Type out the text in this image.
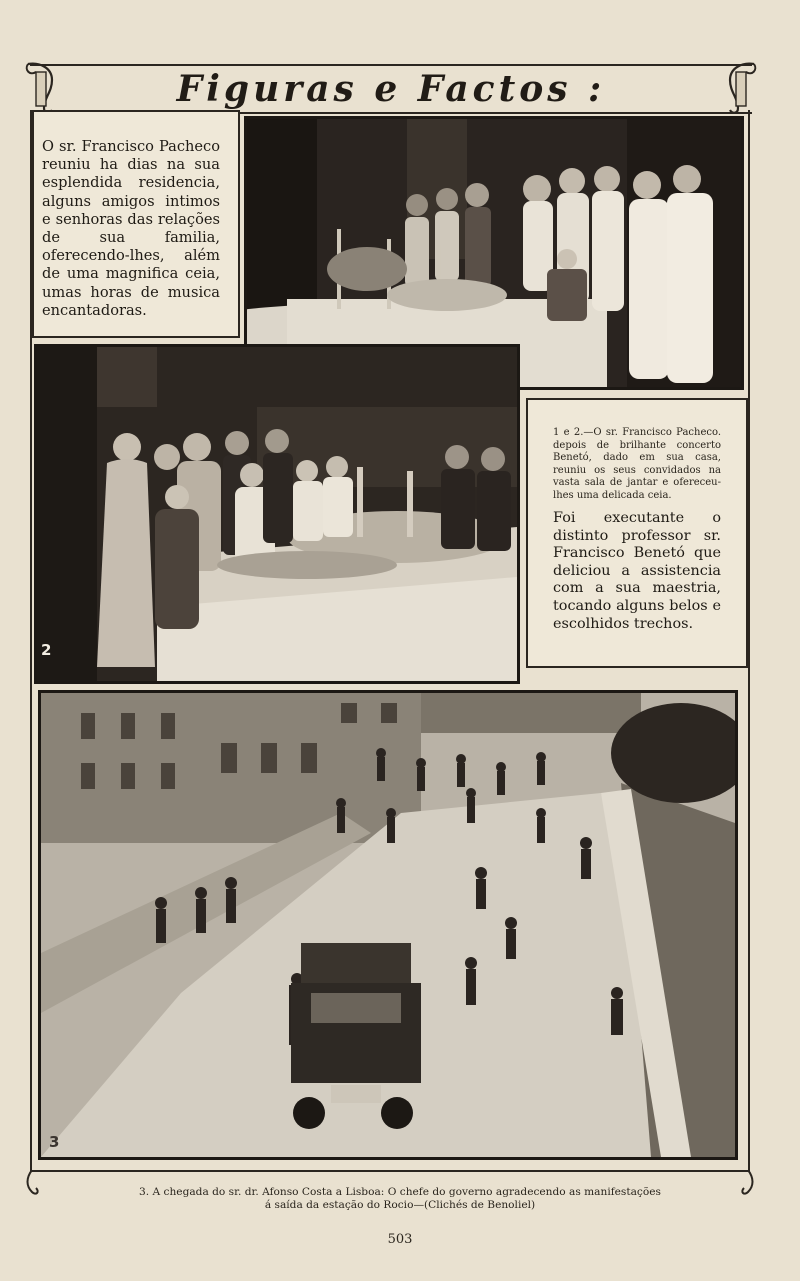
Figuras e Factos :
O sr. Francisco Pacheco reuniu ha dias na sua esplendida residencia, alguns amigos intimos e senhoras das relações de sua familia, oferecendo-lhes, além de uma magnifica ceia, umas horas de musica encantadoras.
2
1 e 2.—O sr. Francisco Pacheco. depois de brilhante concerto Benetó, dado em sua casa, reuniu os seus convidados na vasta sala de jantar e ofereceu-lhes uma delicada ceia.
Foi executante o distinto professor sr. Francisco Benetó que deliciou a assistencia com a sua maestria, tocando alguns belos e escolhidos trechos.
3
3. A chegada do sr. dr. Afonso Costa a Lisboa: O chefe do governo agradecendo as manifestações
á saída da estação do Rocio—(Clichés de Benoliel)
503
